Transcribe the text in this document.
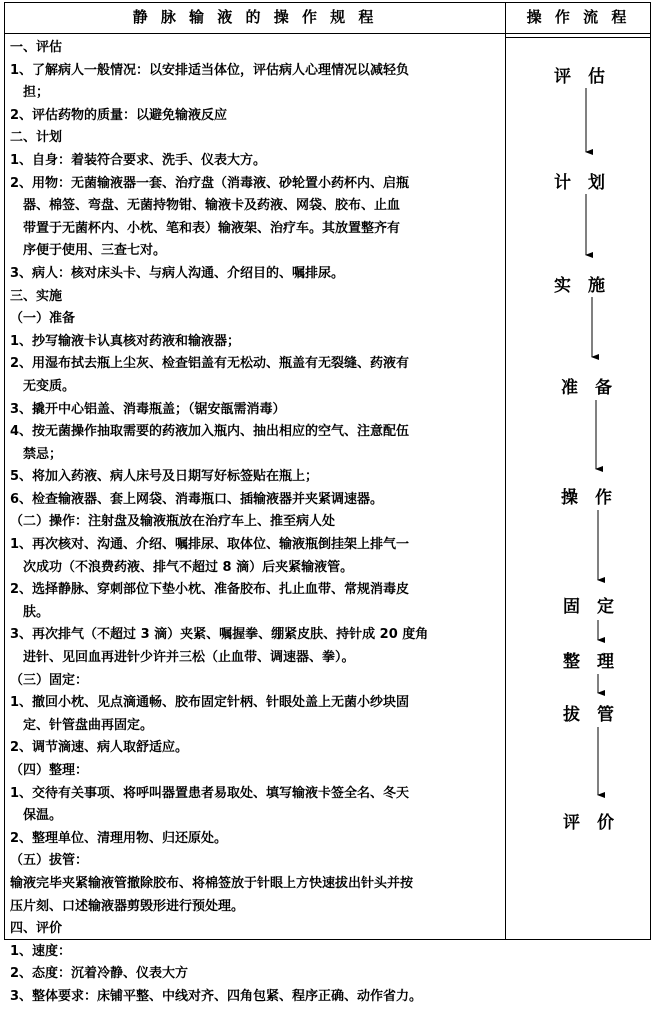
静 脉 输 液 的 操 作 规 程	操 作 流 程
一、评估
1、了解病人一般情况：以安排适当体位，评估病人心理情况以减轻负
　担；
2、评估药物的质量：以避免输液反应
二、计划
1、自身：着装符合要求、洗手、仪表大方。
2、用物：无菌输液器一套、治疗盘（消毒液、砂轮置小药杯内、启瓶
　器、棉签、弯盘、无菌持物钳、输液卡及药液、网袋、胶布、止血
　带置于无菌杯内、小枕、笔和表）输液架、治疗车。其放置整齐有
　序便于使用、三查七对。
3、病人：核对床头卡、与病人沟通、介绍目的、嘱排尿。
三、实施
（一）准备
1、抄写输液卡认真核对药液和输液器；
2、用湿布拭去瓶上尘灰、检查铝盖有无松动、瓶盖有无裂缝、药液有
　无变质。
3、撬开中心铝盖、消毒瓶盖；（锯安瓿需消毒）
4、按无菌操作抽取需要的药液加入瓶内、抽出相应的空气、注意配伍
　禁忌；
5、将加入药液、病人床号及日期写好标签贴在瓶上；
6、检查输液器、套上网袋、消毒瓶口、插输液器并夹紧调速器。
（二）操作：注射盘及输液瓶放在治疗车上、推至病人处
1、再次核对、沟通、介绍、嘱排尿、取体位、输液瓶倒挂架上排气一
　次成功（不浪费药液、排气不超过 8 滴）后夹紧输液管。
2、选择静脉、穿刺部位下垫小枕、准备胶布、扎止血带、常规消毒皮
　肤。
3、再次排气（不超过 3 滴）夹紧、嘱握拳、绷紧皮肤、持针成 20 度角
　进针、见回血再进针少许并三松（止血带、调速器、拳）。
（三）固定：
1、撤回小枕、见点滴通畅、胶布固定针柄、针眼处盖上无菌小纱块固
　定、针管盘曲再固定。
2、调节滴速、病人取舒适应。
（四）整理：
1、交待有关事项、将呼叫器置患者易取处、填写输液卡签全名、冬天
　保温。
2、整理单位、清理用物、归还原处。
（五）拔管：
输液完毕夹紧输液管撤除胶布、将棉签放于针眼上方快速拔出针头并按
压片刻、口述输液器剪毁形进行预处理。
四、评价
1、速度：
2、态度：沉着冷静、仪表大方
3、整体要求：床铺平整、中线对齐、四角包紧、程序正确、动作省力。
评　估
计　划
实　施
准　备
操　作
固　定
整　理
拔　管
评　价
